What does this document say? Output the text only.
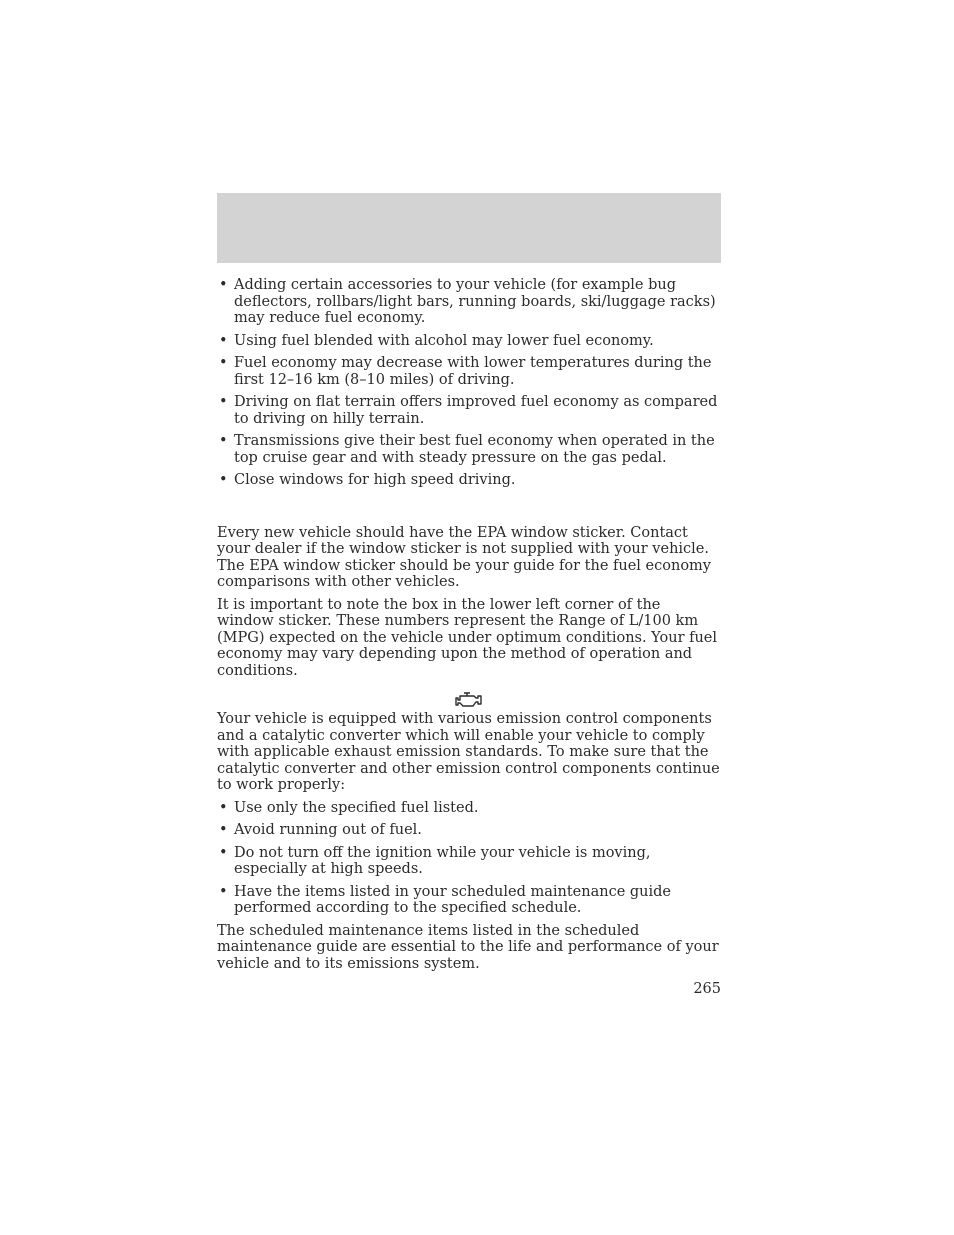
• Adding certain accessories to your vehicle (for example bug deflectors, rollbars/light bars, running boards, ski/luggage racks) may reduce fuel economy.
• Using fuel blended with alcohol may lower fuel economy.
• Fuel economy may decrease with lower temperatures during the first 12–16 km (8–10 miles) of driving.
• Driving on flat terrain offers improved fuel economy as compared to driving on hilly terrain.
• Transmissions give their best fuel economy when operated in the top cruise gear and with steady pressure on the gas pedal.
• Close windows for high speed driving.

Every new vehicle should have the EPA window sticker. Contact your dealer if the window sticker is not supplied with your vehicle. The EPA window sticker should be your guide for the fuel economy comparisons with other vehicles.

It is important to note the box in the lower left corner of the window sticker. These numbers represent the Range of L/100 km (MPG) expected on the vehicle under optimum conditions. Your fuel economy may vary depending upon the method of operation and conditions.

Your vehicle is equipped with various emission control components and a catalytic converter which will enable your vehicle to comply with applicable exhaust emission standards. To make sure that the catalytic converter and other emission control components continue to work properly:

• Use only the specified fuel listed.
• Avoid running out of fuel.
• Do not turn off the ignition while your vehicle is moving, especially at high speeds.
• Have the items listed in your scheduled maintenance guide performed according to the specified schedule.

The scheduled maintenance items listed in the scheduled maintenance guide are essential to the life and performance of your vehicle and to its emissions system.

265
